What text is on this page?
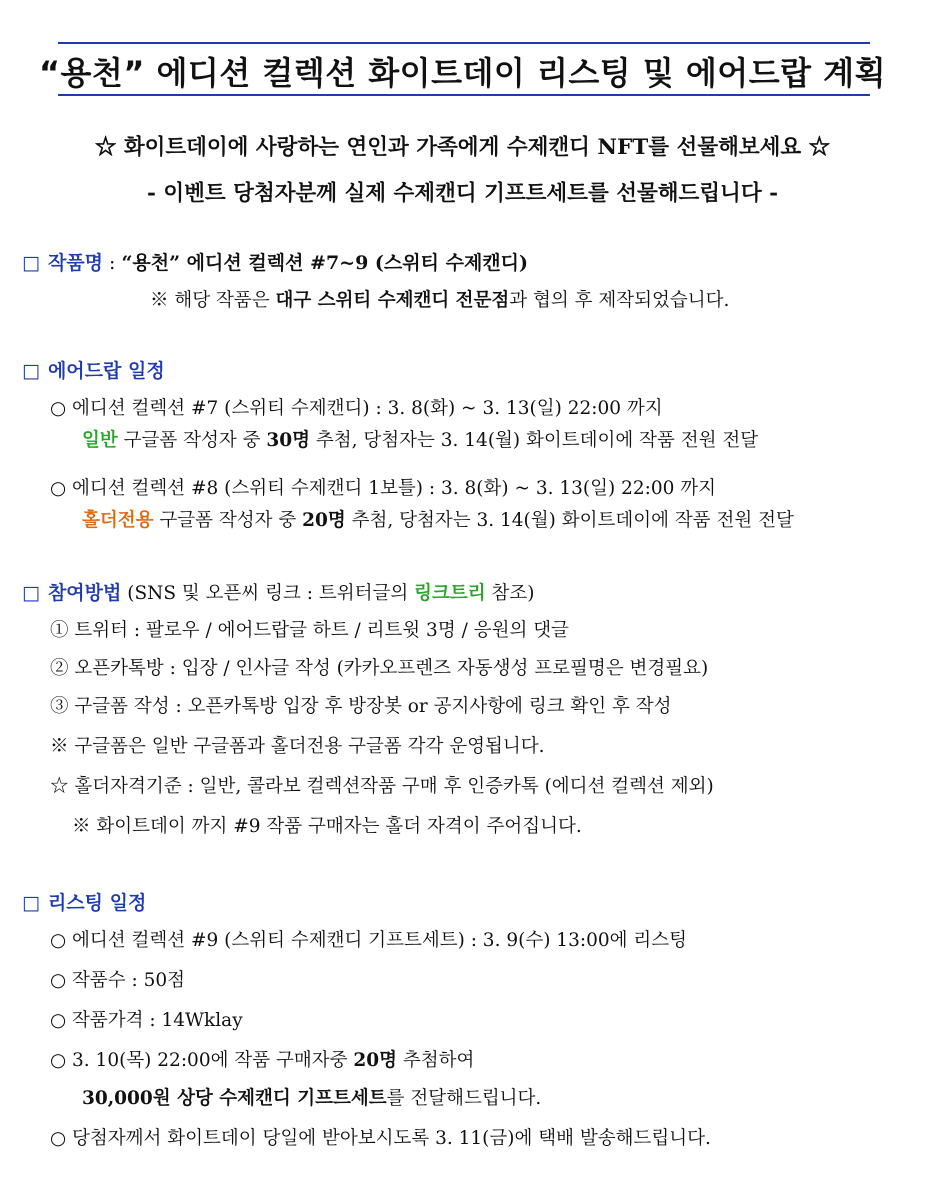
“용천” 에디션 컬렉션 화이트데이 리스팅 및 에어드랍 계획
☆ 화이트데이에 사랑하는 연인과 가족에게 수제캔디 NFT를 선물해보세요 ☆
- 이벤트 당첨자분께 실제 수제캔디 기프트세트를 선물해드립니다 -
□ 작품명 : “용천” 에디션 컬렉션 #7~9 (스위티 수제캔디)
※ 해당 작품은 대구 스위티 수제캔디 전문점과 협의 후 제작되었습니다.
□ 에어드랍 일정
○ 에디션 컬렉션 #7 (스위티 수제캔디) : 3. 8(화) ~ 3. 13(일) 22:00 까지
일반 구글폼 작성자 중 30명 추첨, 당첨자는 3. 14(월) 화이트데이에 작품 전원 전달
○ 에디션 컬렉션 #8 (스위티 수제캔디 1보틀) : 3. 8(화) ~ 3. 13(일) 22:00 까지
홀더전용 구글폼 작성자 중 20명 추첨, 당첨자는 3. 14(월) 화이트데이에 작품 전원 전달
□ 참여방법 (SNS 및 오픈씨 링크 : 트위터글의 링크트리 참조)
① 트위터 : 팔로우 / 에어드랍글 하트 / 리트윗 3명 / 응원의 댓글
② 오픈카톡방 : 입장 / 인사글 작성 (카카오프렌즈 자동생성 프로필명은 변경필요)
③ 구글폼 작성 : 오픈카톡방 입장 후 방장봇 or 공지사항에 링크 확인 후 작성
※ 구글폼은 일반 구글폼과 홀더전용 구글폼 각각 운영됩니다.
☆ 홀더자격기준 : 일반, 콜라보 컬렉션작품 구매 후 인증카톡 (에디션 컬렉션 제외)
※ 화이트데이 까지 #9 작품 구매자는 홀더 자격이 주어집니다.
□ 리스팅 일정
○ 에디션 컬렉션 #9 (스위티 수제캔디 기프트세트) : 3. 9(수) 13:00에 리스팅
○ 작품수 : 50점
○ 작품가격 : 14Wklay
○ 3. 10(목) 22:00에 작품 구매자중 20명 추첨하여
30,000원 상당 수제캔디 기프트세트를 전달해드립니다.
○ 당첨자께서 화이트데이 당일에 받아보시도록 3. 11(금)에 택배 발송해드립니다.
